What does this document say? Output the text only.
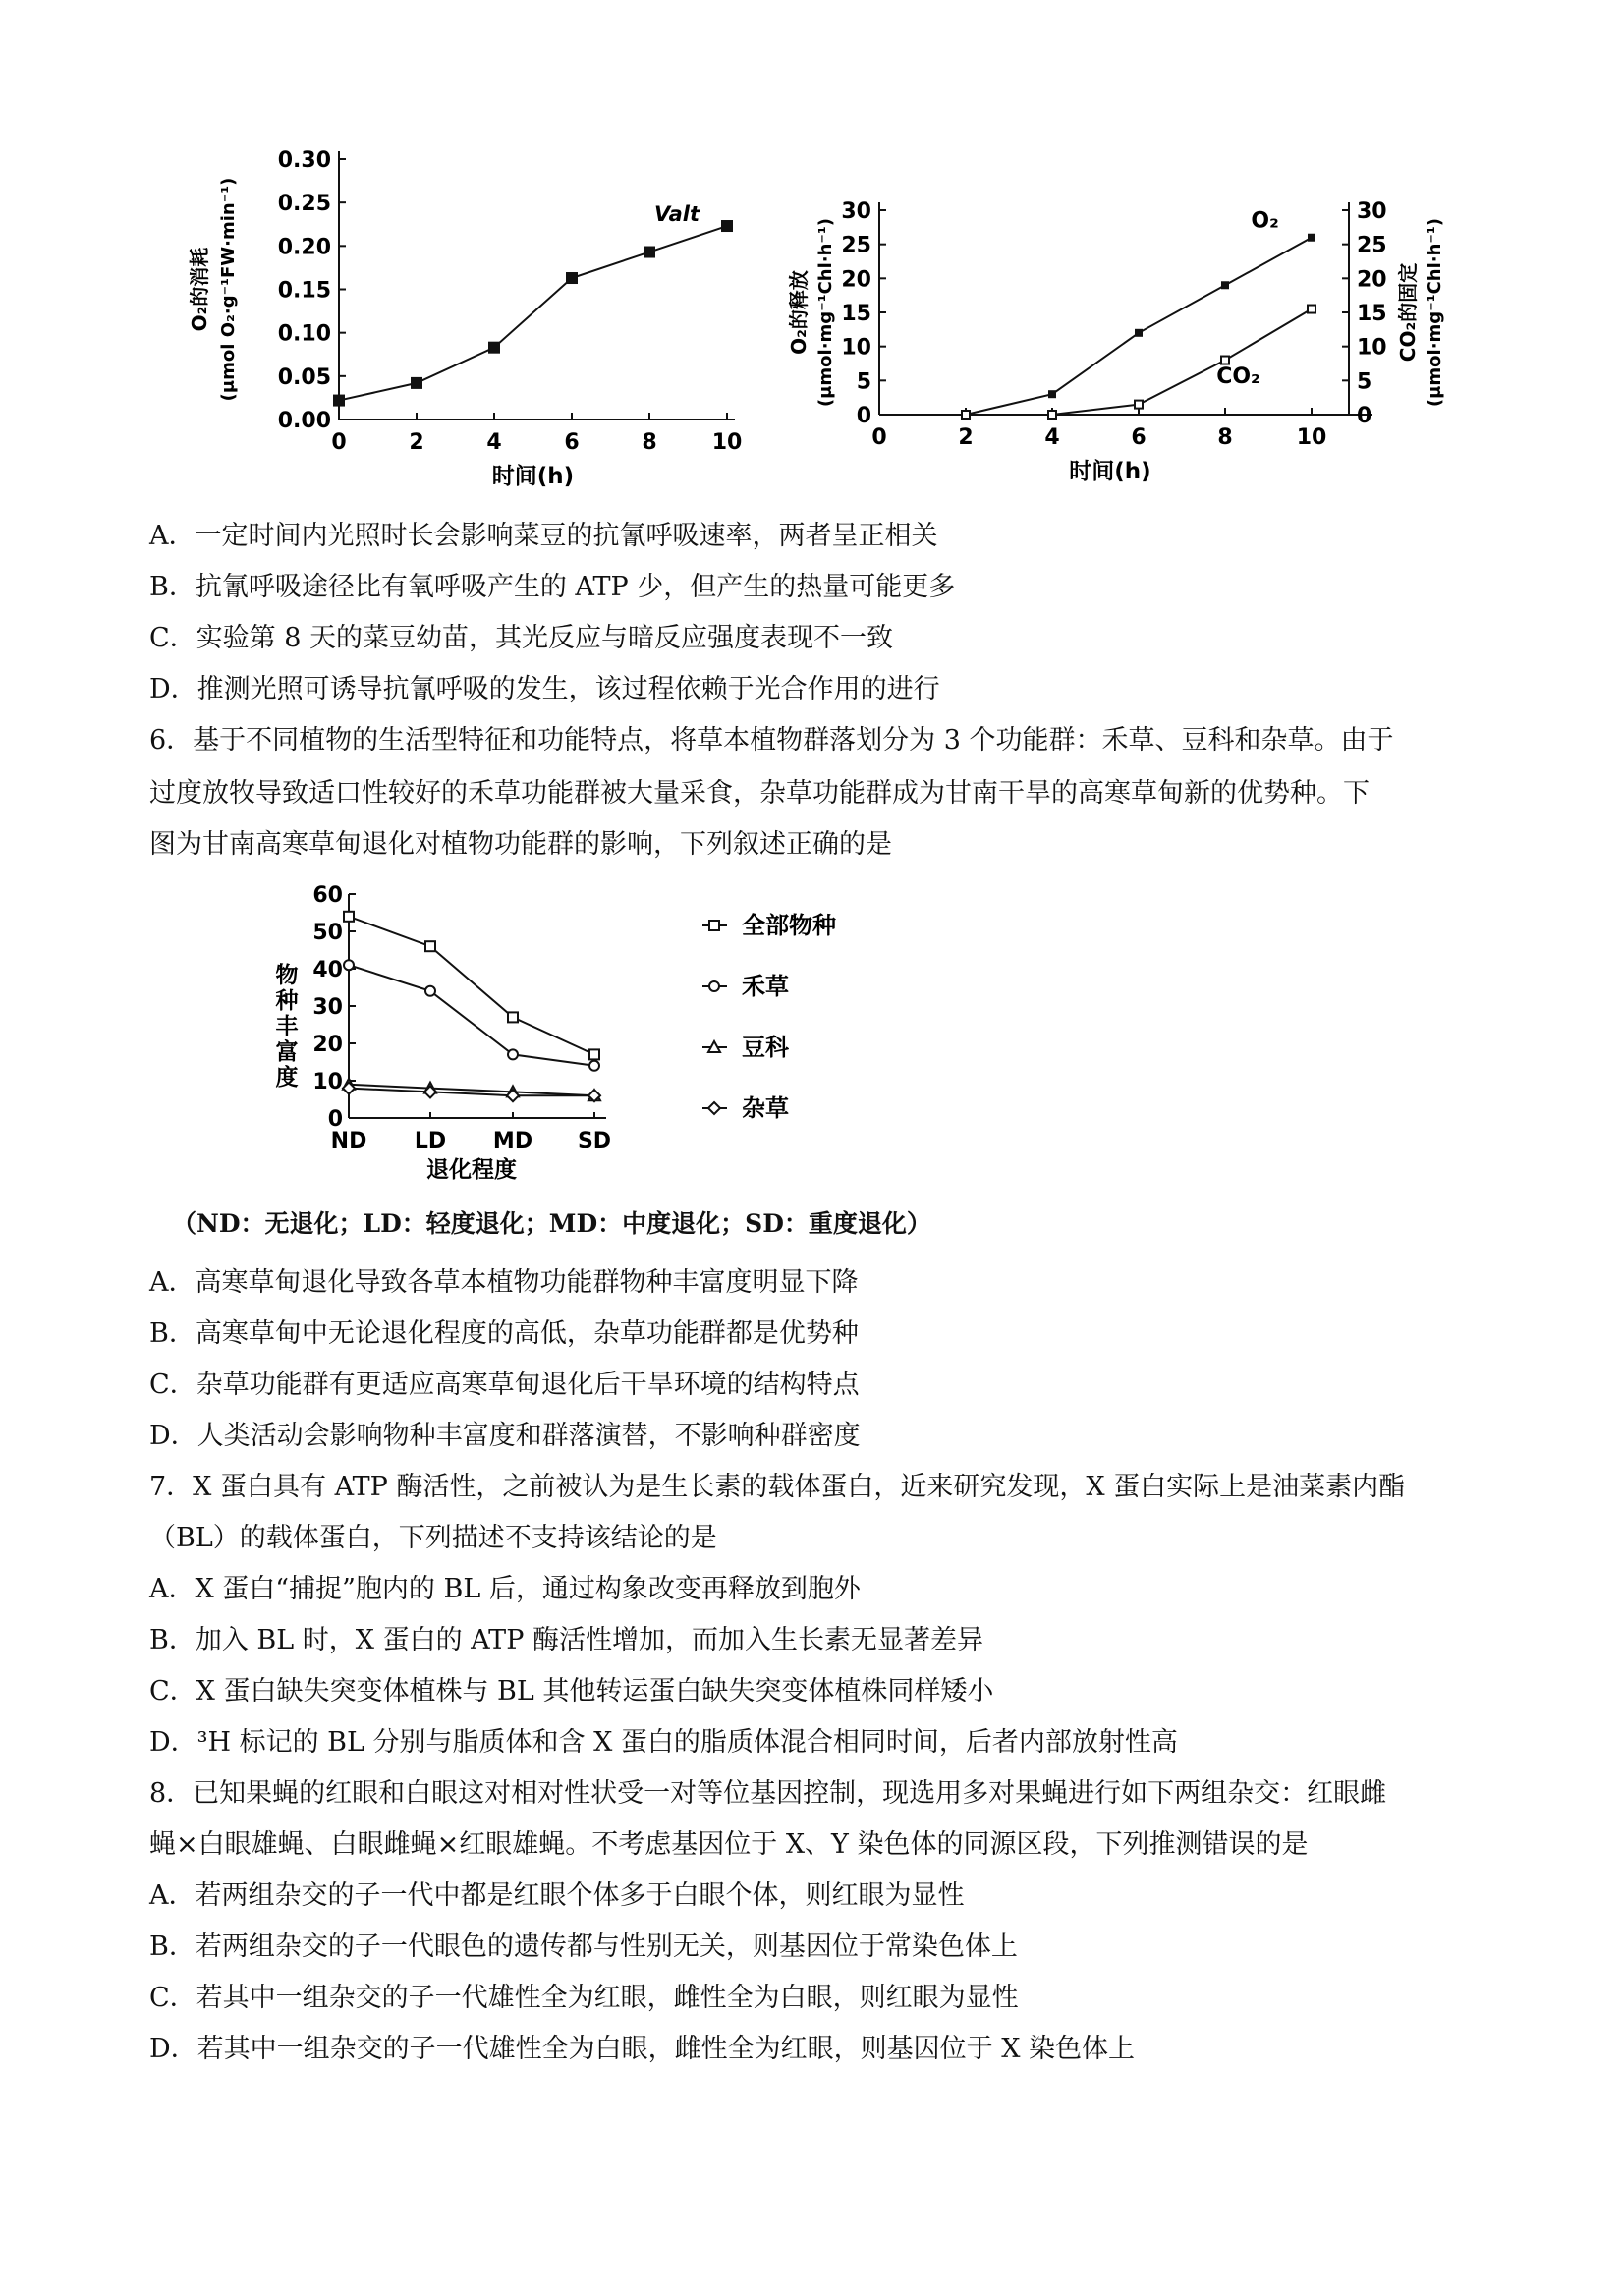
0.00
0.05
0.10
0.15
0.20
0.25
0.30
0	2	4	6	8	10
时间(h)
O₂的消耗 (μmol O₂·g⁻¹FW·min⁻¹)	Valt
0
5
10
15
20
25
30
0
5
10
15
20
25
30
0	2	4	6	8	10
时间(h)
O₂的释放 (μmol·mg⁻¹Chl·h⁻¹)	CO₂的固定 (μmol·mg⁻¹Chl·h⁻¹)
O₂
CO₂
A．一定时间内光照时长会影响菜豆的抗氰呼吸速率，两者呈正相关
B．抗氰呼吸途径比有氧呼吸产生的 ATP 少，但产生的热量可能更多
C．实验第 8 天的菜豆幼苗，其光反应与暗反应强度表现不一致
D．推测光照可诱导抗氰呼吸的发生，该过程依赖于光合作用的进行
6．基于不同植物的生活型特征和功能特点，将草本植物群落划分为 3 个功能群：禾草、豆科和杂草。由于
过度放牧导致适口性较好的禾草功能群被大量采食，杂草功能群成为甘南干旱的高寒草甸新的优势种。下
图为甘南高寒草甸退化对植物功能群的影响，下列叙述正确的是
0
10
20
30
40
50
60
ND LD MD SD
退化程度
物种丰富度
全部物种
禾草
豆科
杂草
（ND：无退化；LD：轻度退化；MD：中度退化；SD：重度退化）
A．高寒草甸退化导致各草本植物功能群物种丰富度明显下降
B．高寒草甸中无论退化程度的高低，杂草功能群都是优势种
C．杂草功能群有更适应高寒草甸退化后干旱环境的结构特点
D．人类活动会影响物种丰富度和群落演替，不影响种群密度
7．X 蛋白具有 ATP 酶活性，之前被认为是生长素的载体蛋白，近来研究发现，X 蛋白实际上是油菜素内酯
（BL）的载体蛋白，下列描述不支持该结论的是
A．X 蛋白“捕捉”胞内的 BL 后，通过构象改变再释放到胞外
B．加入 BL 时，X 蛋白的 ATP 酶活性增加，而加入生长素无显著差异
C．X 蛋白缺失突变体植株与 BL 其他转运蛋白缺失突变体植株同样矮小
D．³H 标记的 BL 分别与脂质体和含 X 蛋白的脂质体混合相同时间，后者内部放射性高
8．已知果蝇的红眼和白眼这对相对性状受一对等位基因控制，现选用多对果蝇进行如下两组杂交：红眼雌
蝇×白眼雄蝇、白眼雌蝇×红眼雄蝇。不考虑基因位于 X、Y 染色体的同源区段，下列推测错误的是
A．若两组杂交的子一代中都是红眼个体多于白眼个体，则红眼为显性
B．若两组杂交的子一代眼色的遗传都与性别无关，则基因位于常染色体上
C．若其中一组杂交的子一代雄性全为红眼，雌性全为白眼，则红眼为显性
D．若其中一组杂交的子一代雄性全为白眼，雌性全为红眼，则基因位于 X 染色体上
